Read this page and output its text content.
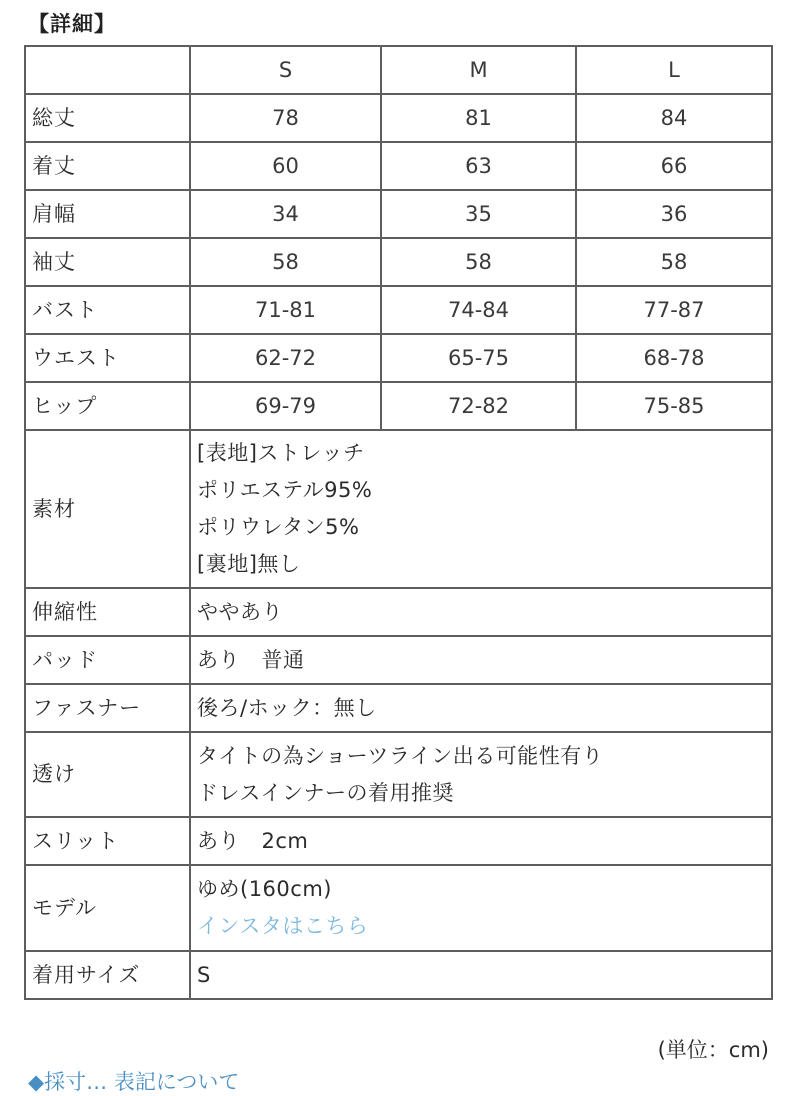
【詳細】
	S	M	L
総丈	78	81	84
着丈	60	63	66
肩幅	34	35	36
袖丈	58	58	58
バスト	71-81	74-84	77-87
ウエスト	62-72	65-75	68-78
ヒップ	69-79	72-82	75-85
素材	[表地]ストレッチ
ポリエステル95%
ポリウレタン5%
[裏地]無し		

伸縮性	ややあり		
パッド	あり　普通		
ファスナー	後ろ/ホック：無し		
透け	タイトの為ショーツライン出る可能性有り
ドレスインナーの着用推奨		

スリット	あり　2cm		
モデル	ゆめ(160cm)
インスタはこちら		

着用サイズ	S		
(単位：cm)
◆採寸… 表記について
